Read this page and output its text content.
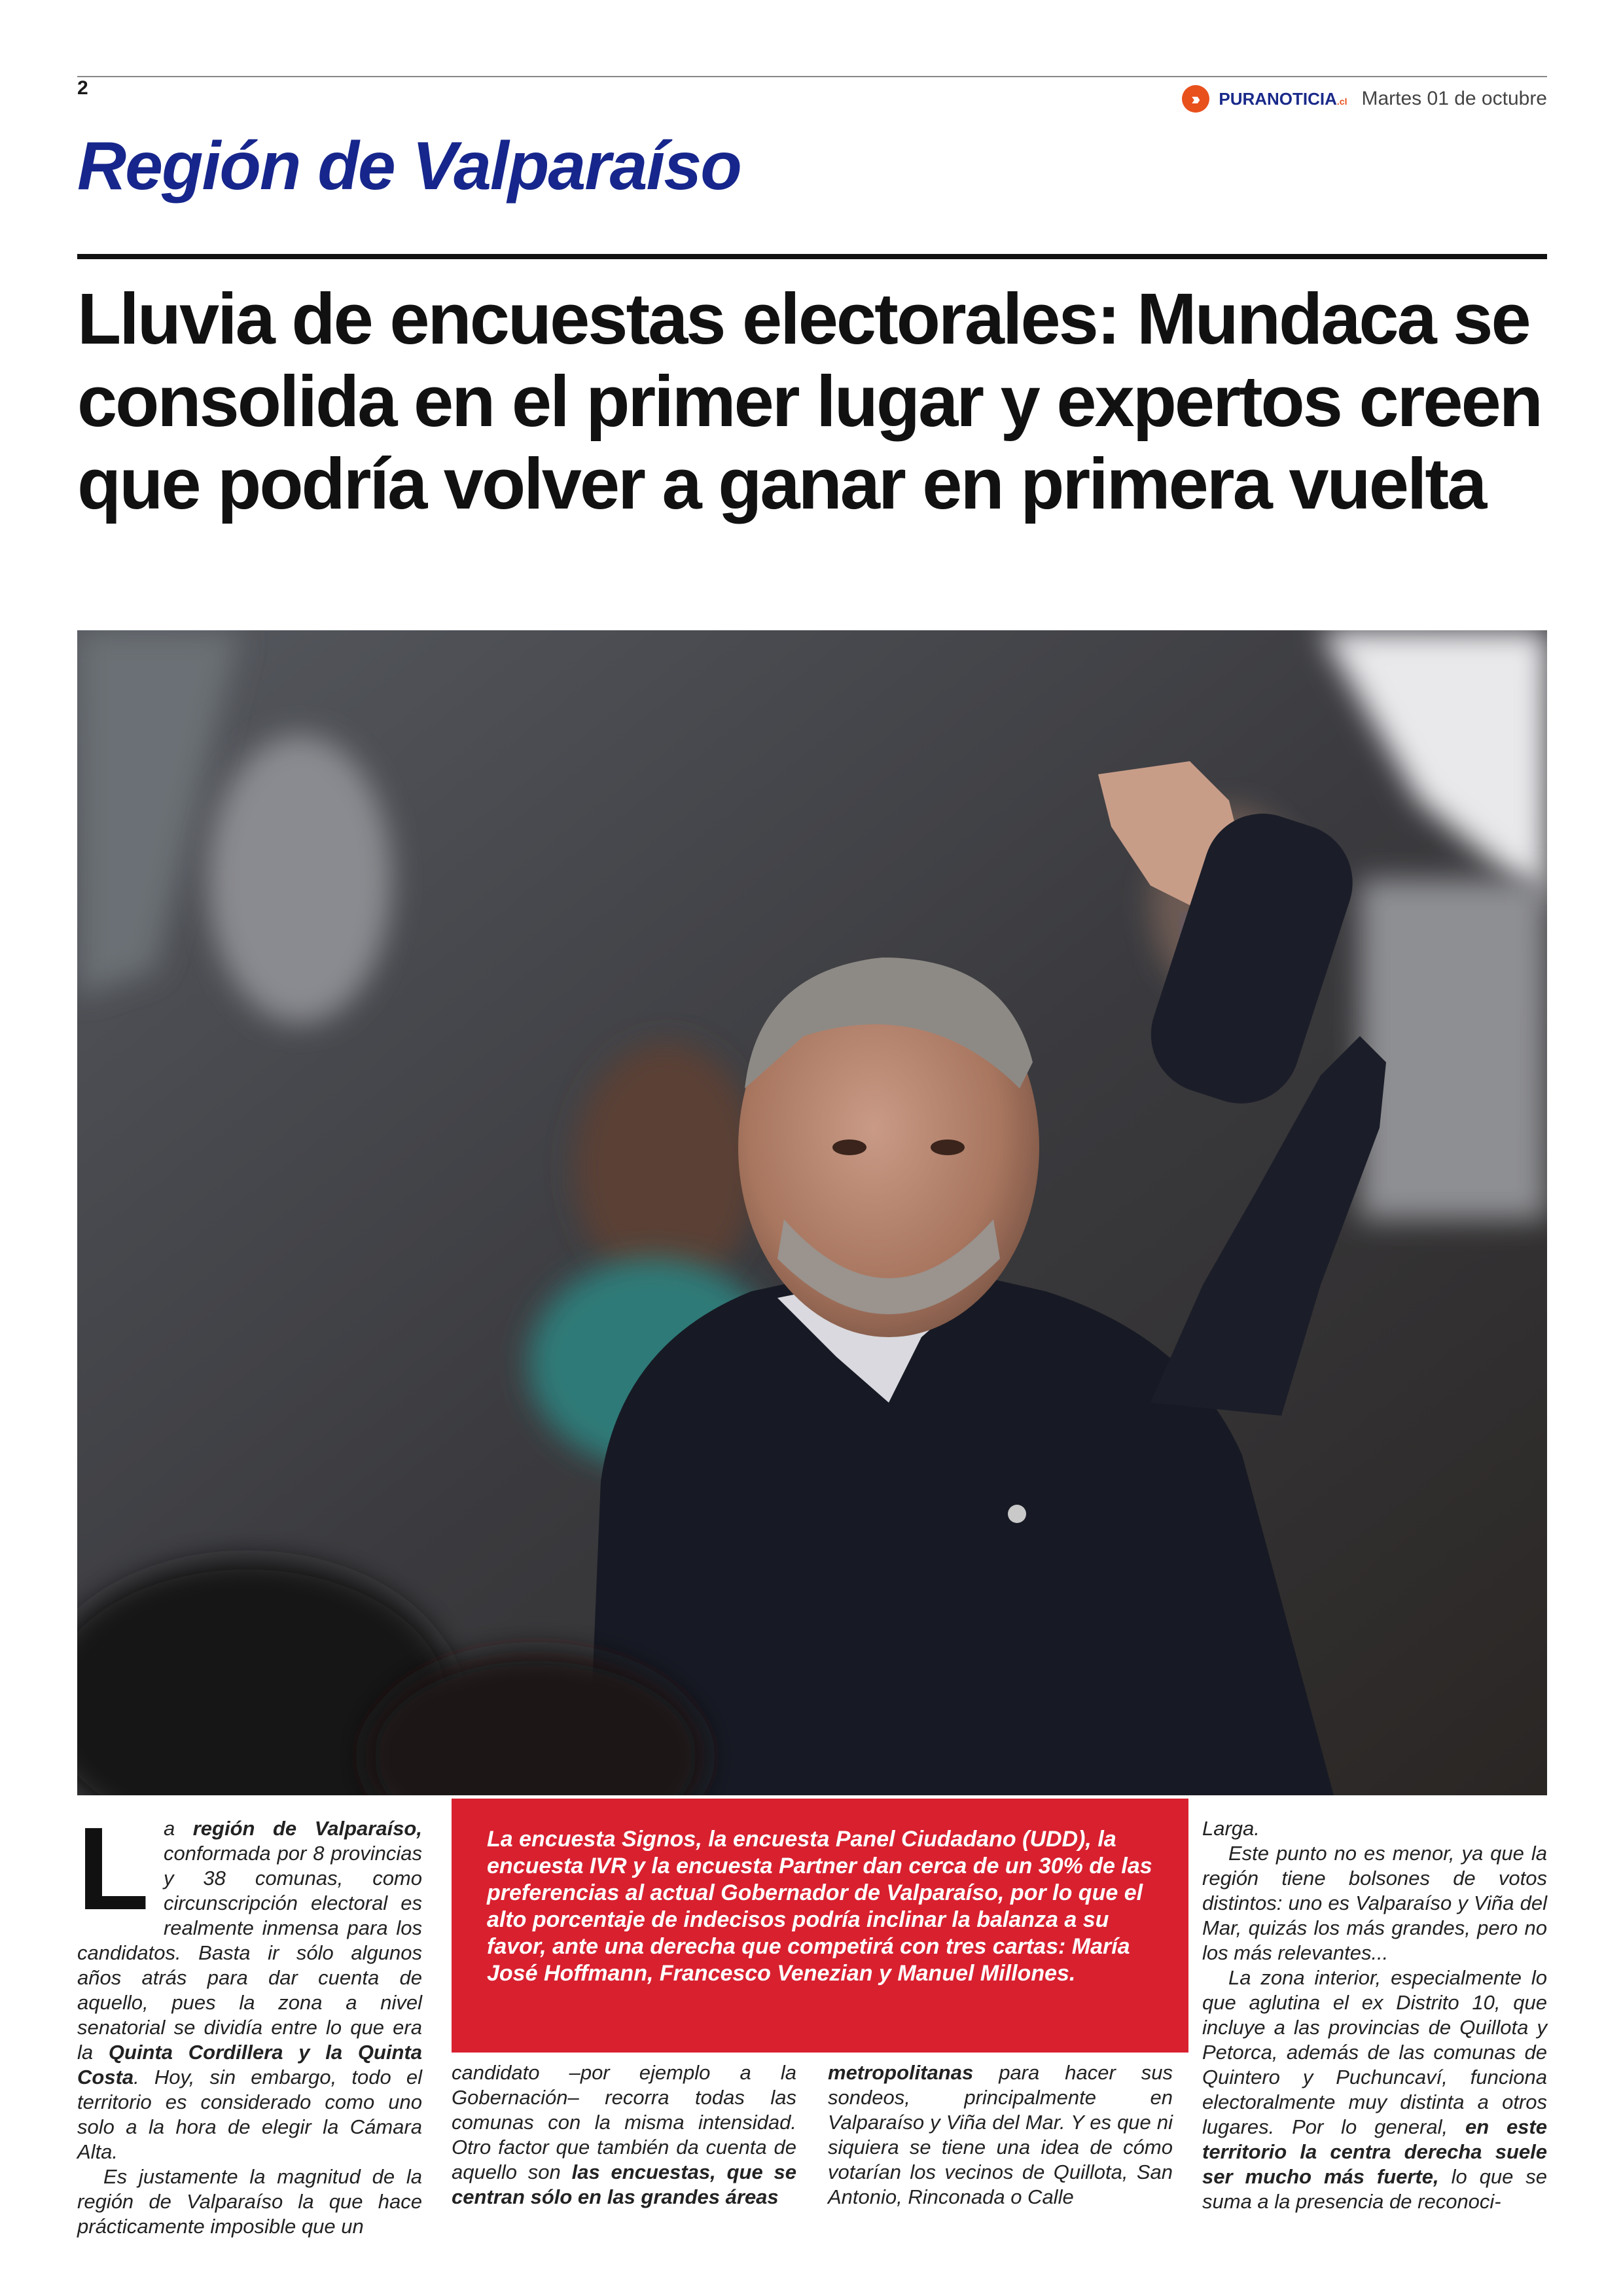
2	›››	PURANOTICIA.cl Martes 01 de octubre
Región de Valparaíso
Lluvia de encuestas electorales: Mundaca se consolida en el primer lugar y expertos creen que podría volver a ganar en primera vuelta

La región de Valparaíso, conformada por 8 provincias y 38 comunas, como circunscripción electoral es realmente inmensa para los candidatos. Basta ir sólo algunos años atrás para dar cuenta de aquello, pues la zona a nivel senatorial se dividía entre lo que era la Quinta Cordillera y la Quinta Costa. Hoy, sin embargo, todo el territorio es considerado como uno solo a la hora de elegir la Cámara Alta.

Es justamente la magnitud de la región de Valparaíso la que hace prácticamente imposible que un

La encuesta Signos, la encuesta Panel Ciudadano (UDD), la encuesta IVR y la encuesta Partner dan cerca de un 30% de las preferencias al actual Gobernador de Valparaíso, por lo que el alto porcentaje de indecisos podría inclinar la balanza a su favor, ante una derecha que competirá con tres cartas: María José Hoffmann, Francesco Venezian y Manuel Millones.

candidato –por ejemplo a la Gobernación– recorra todas las comunas con la misma intensidad. Otro factor que también da cuenta de aquello son las encuestas, que se centran sólo en las grandes áreas

metropolitanas para hacer sus sondeos, principalmente en Valparaíso y Viña del Mar. Y es que ni siquiera se tiene una idea de cómo votarían los vecinos de Quillota, San Antonio, Rinconada o Calle

Larga.

Este punto no es menor, ya que la región tiene bolsones de votos distintos: uno es Valparaíso y Viña del Mar, quizás los más grandes, pero no los más relevantes...

La zona interior, especialmente lo que aglutina el ex Distrito 10, que incluye a las provincias de Quillota y Petorca, además de las comunas de Quintero y Puchuncaví, funciona electoralmente muy distinta a otros lugares. Por lo general, en este territorio la centra derecha suele ser mucho más fuerte, lo que se suma a la presencia de reconoci-
